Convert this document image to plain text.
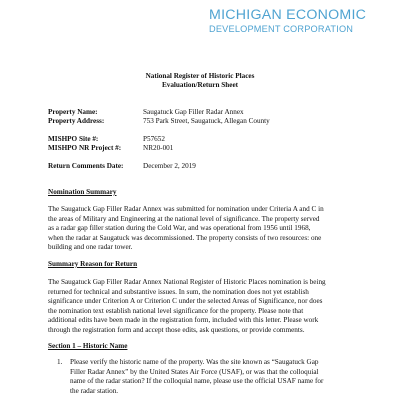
MICHIGAN ECONOMIC
DEVELOPMENT CORPORATION
National Register of Historic Places
Evaluation/Return Sheet
Property Name:	Saugatuck Gap Filler Radar Annex
Property Address:	753 Park Street, Saugatuck, Allegan County
MISHPO Site #:	P57652
MISHPO NR Project #:	NR20-001
Return Comments Date:	December 2, 2019
Nomination Summary
The Saugatuck Gap Filler Radar Annex was submitted for nomination under Criteria A and C in
the areas of Military and Engineering at the national level of significance. The property served
as a radar gap filler station during the Cold War, and was operational from 1956 until 1968,
when the radar at Saugatuck was decommissioned. The property consists of two resources: one
building and one radar tower.
Summary Reason for Return
The Saugatuck Gap Filler Radar Annex National Register of Historic Places nomination is being
returned for technical and substantive issues. In sum, the nomination does not yet establish
significance under Criterion A or Criterion C under the selected Areas of Significance, nor does
the nomination text establish national level significance for the property. Please note that
additional edits have been made in the registration form, included with this letter. Please work
through the registration form and accept those edits, ask questions, or provide comments.
Section 1 – Historic Name
1. Please verify the historic name of the property. Was the site known as “Saugatuck Gap
Filler Radar Annex” by the United States Air Force (USAF), or was that the colloquial
name of the radar station? If the colloquial name, please use the official USAF name for
the radar station.
